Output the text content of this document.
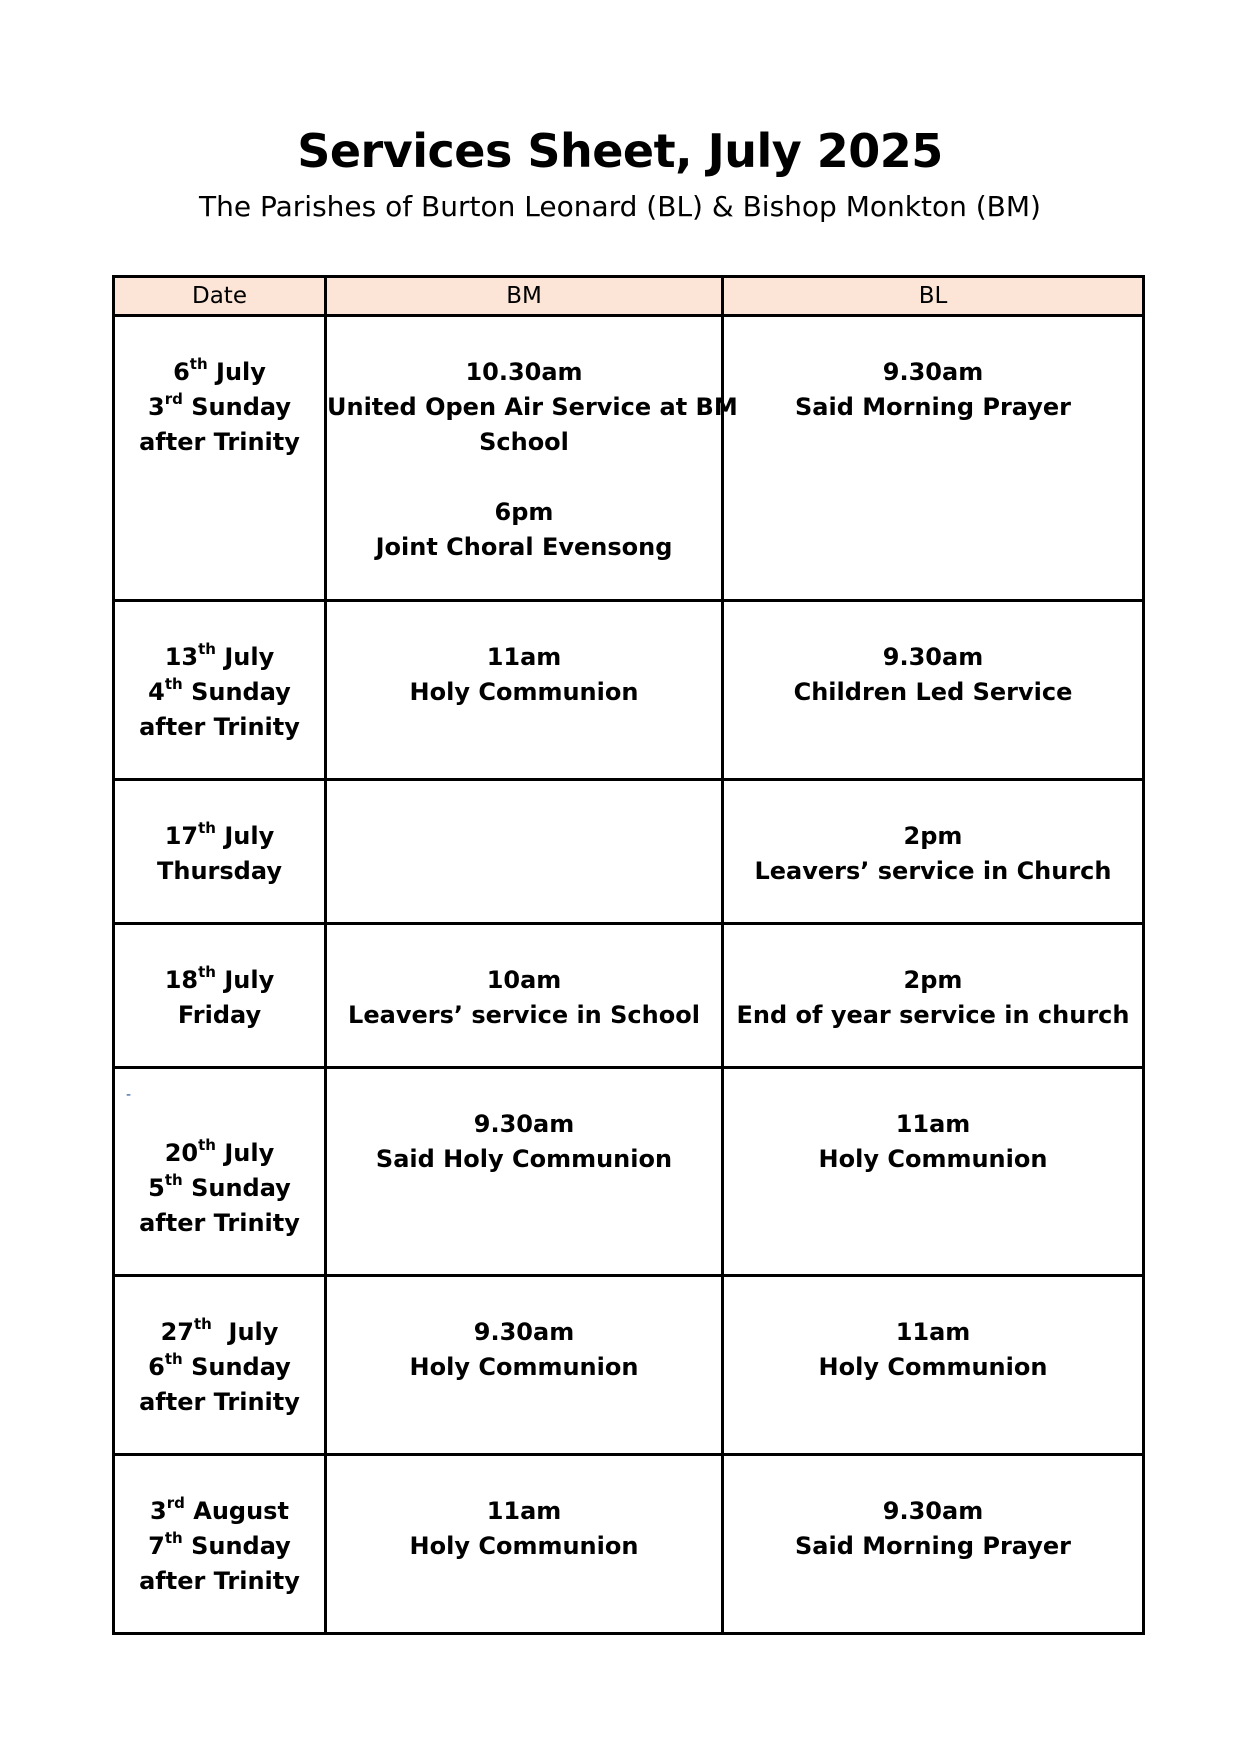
Services Sheet, July 2025
The Parishes of Burton Leonard (BL) & Bishop Monkton (BM)
Date	BM	BL

6th July
3rd Sunday
after Trinity	10.30am
United Open Air Service at BM
School
6pm
Joint Choral Evensong	9.30am
Said Morning Prayer

13th July
4th Sunday
after Trinity	11am
Holy Communion	9.30am
Children Led Service

17th July
Thursday		2pm
Leavers’ service in Church

18th July
Friday	10am
Leavers’ service in School	2pm
End of year service in church

20th July
5th Sunday
after Trinity	9.30am
Said Holy Communion	11am
Holy Communion

27th  July
6th Sunday
after Trinity	9.30am
Holy Communion	11am
Holy Communion

3rd August
7th Sunday
after Trinity	11am
Holy Communion	9.30am
Said Morning Prayer
-
